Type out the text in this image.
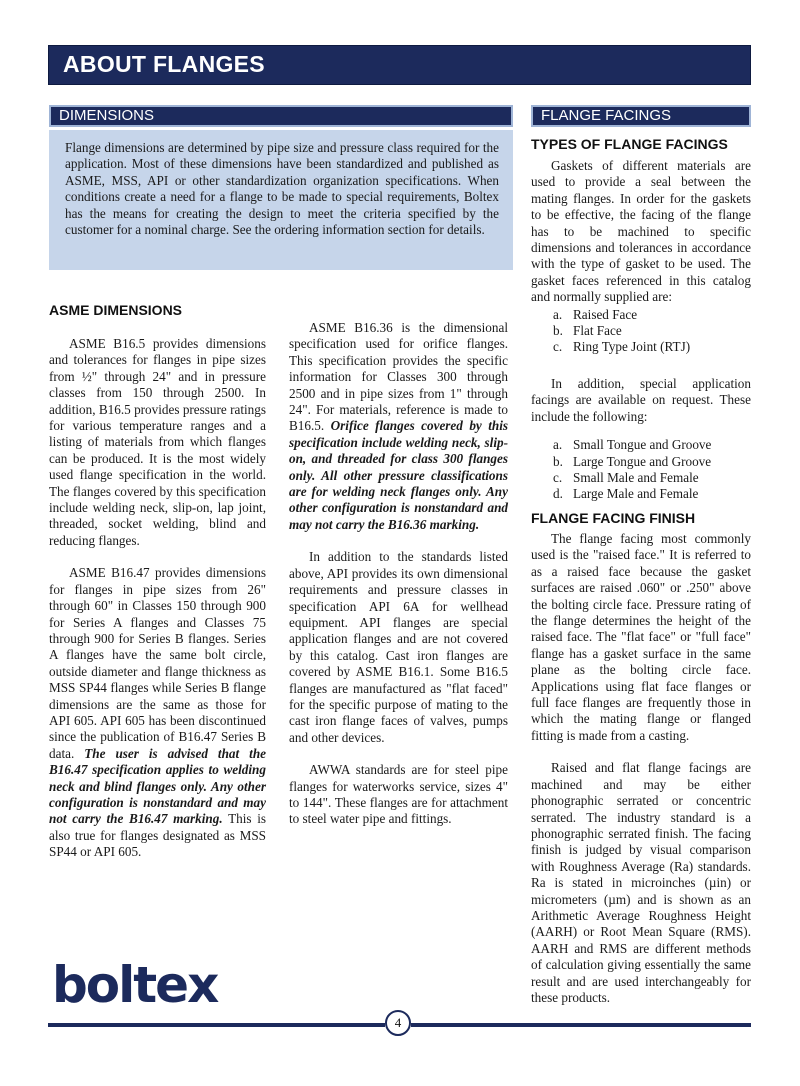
ABOUT FLANGES
DIMENSIONS	FLANGE FACINGS

Flange dimensions are determined by pipe size and pressure class required for the application. Most of these dimensions have been standardized and published as ASME, MSS, API or other standardization organization specifications. When conditions create a need for a flange to be made to special requirements, Boltex has the means for creating the design to meet the criteria specified by the customer for a nominal charge. See the ordering information section for details.

ASME DIMENSIONS

ASME B16.5 provides dimensions and tolerances for flanges in pipe sizes from ½" through 24" and in pressure classes from 150 through 2500. In addition, B16.5 provides pressure ratings for various temperature ranges and a listing of materials from which flanges can be produced. It is the most widely used flange specification in the world. The flanges covered by this specification include welding neck, slip-on, lap joint, threaded, socket welding, blind and reducing flanges.

ASME B16.47 provides dimensions for flanges in pipe sizes from 26" through 60" in Classes 150 through 900 for Series A flanges and Classes 75 through 900 for Series B flanges. Series A flanges have the same bolt circle, outside diameter and flange thickness as MSS SP44 flanges while Series B flange dimensions are the same as those for API 605. API 605 has been discontinued since the publication of B16.47 Series B data. The user is advised that the B16.47 specification applies to welding neck and blind flanges only. Any other configuration is nonstandard and may not carry the B16.47 marking. This is also true for flanges designated as MSS SP44 or API 605.

ASME B16.36 is the dimensional specification used for orifice flanges. This specification provides the specific information for Classes 300 through 2500 and in pipe sizes from 1" through 24". For materials, reference is made to B16.5. Orifice flanges covered by this specification include welding neck, slip-on, and threaded for class 300 flanges only. All other pressure classifications are for welding neck flanges only. Any other configuration is nonstandard and may not carry the B16.36 marking.

In addition to the standards listed above, API provides its own dimensional requirements and pressure classes in specification API 6A for wellhead equipment. API flanges are special application flanges and are not covered by this catalog. Cast iron flanges are covered by ASME B16.1. Some B16.5 flanges are manufactured as "flat faced" for the specific purpose of mating to the cast iron flange faces of valves, pumps and other devices.

AWWA standards are for steel pipe flanges for waterworks service, sizes 4" to 144". These flanges are for attachment to steel water pipe and fittings.

TYPES OF FLANGE FACINGS

Gaskets of different materials are used to provide a seal between the mating flanges. In order for the gaskets to be effective, the facing of the flange has to be machined to specific dimensions and tolerances in accordance with the type of gasket to be used. The gasket faces referenced in this catalog and normally supplied are:

a. Raised Face
b. Flat Face
c. Ring Type Joint (RTJ)

In addition, special application facings are available on request. These include the following:

a. Small Tongue and Groove
b. Large Tongue and Groove
c. Small Male and Female
d. Large Male and Female
FLANGE FACING FINISH

The flange facing most commonly used is the "raised face." It is referred to as a raised face because the gasket surfaces are raised .060" or .250" above the bolting circle face. Pressure rating of the flange determines the height of the raised face. The "flat face" or "full face" flange has a gasket surface in the same plane as the bolting circle face. Applications using flat face flanges or full face flanges are frequently those in which the mating flange or flanged fitting is made from a casting.

Raised and flat flange facings are machined and may be either phonographic serrated or concentric serrated. The industry standard is a phonographic serrated finish. The facing finish is judged by visual comparison with Roughness Average (Ra) standards. Ra is stated in microinches (µin) or micrometers (µm) and is shown as an Arithmetic Average Roughness Height (AARH) or Root Mean Square (RMS). AARH and RMS are different methods of calculation giving essentially the same result and are used interchangeably for these products.

boltex
4
